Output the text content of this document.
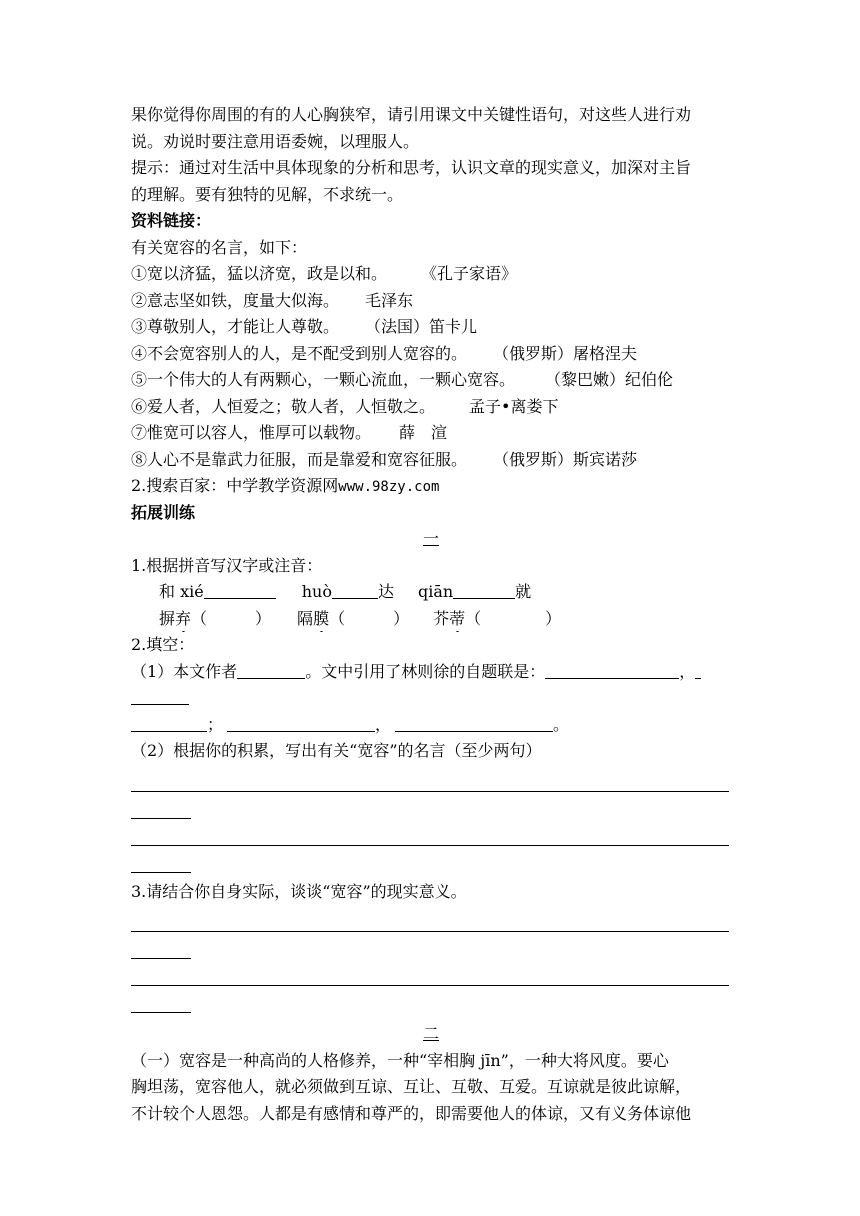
果你觉得你周围的有的人心胸狭窄，请引用课文中关键性语句，对这些人进行劝
说。劝说时要注意用语委婉，以理服人。
提示：通过对生活中具体现象的分析和思考，认识文章的现实意义，加深对主旨
的理解。要有独特的见解，不求统一。
资料链接：
有关宽容的名言，如下：
①宽以济猛，猛以济宽，政是以和。 《孔子家语》
②意志坚如铁，度量大似海。 毛泽东
③尊敬别人，才能让人尊敬。 （法国）笛卡儿
④不会宽容别人的人，是不配受到别人宽容的。 （俄罗斯）屠格涅夫
⑤一个伟大的人有两颗心，一颗心流血，一颗心宽容。 （黎巴嫩）纪伯伦
⑥爱人者，人恒爱之；敬人者，人恒敬之。 孟子•离娄下
⑦惟宽可以容人，惟厚可以载物。 薛　渲
⑧人心不是靠武力征服，而是靠爱和宽容征服。 （俄罗斯）斯宾诺莎
2.搜索百家：中学教学资源网www.98zy.com
拓展训练
一
1.根据拼音写汉字或注音：
和 xié	huò	达 qiān	就
摒弃（　　　） 隔膜（　　　） 芥蒂（　　　　）
2.填空：
（1）本文作者	。文中引用了林则徐的自题联是：	，
；	，	。
（2）根据你的积累，写出有关“宽容”的名言（至少两句）
3.请结合你自身实际，谈谈“宽容”的现实意义。
二
（一）宽容是一种高尚的人格修养，一种“宰相胸 jīn”，一种大将风度。要心
胸坦荡，宽容他人，就必须做到互谅、互让、互敬、互爱。互谅就是彼此谅解，
不计较个人恩怨。人都是有感情和尊严的，即需要他人的体谅，又有义务体谅他
